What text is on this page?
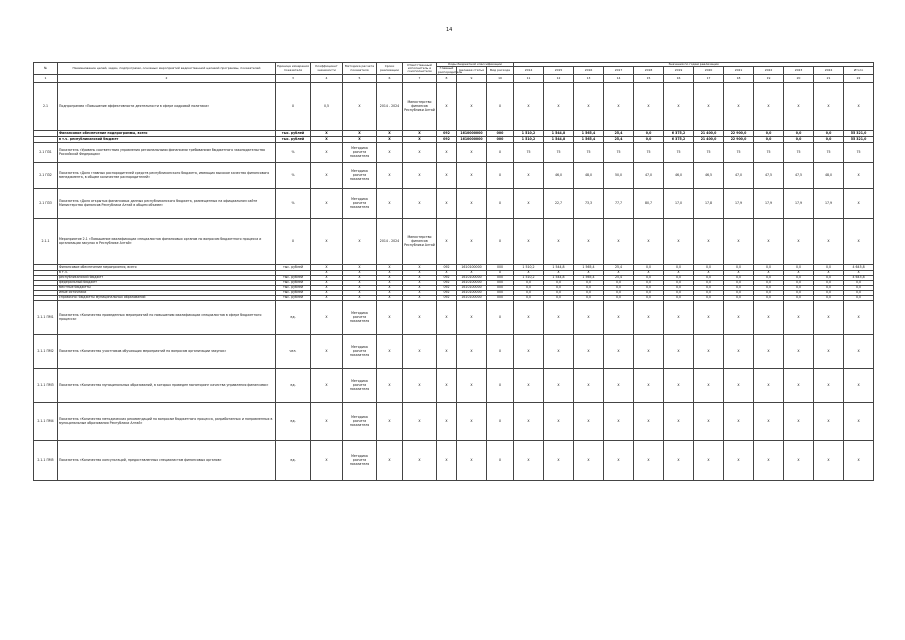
14
№	Наименование целей, задач, подпрограмм, основных мероприятий ведомственной целевой программы, показателей	Единица измерения показателя	Коэффициент значимости	Методика расчета показателя	Сроки реализации	Ответственный исполнитель и соисполнители	Коды бюджетной классификации			Значения по годам реализации											
							Главный распорядитель	Целевая статья	Вид расхода	2014	2015	2016	2017	2018	2019	2020	2021	2022	2023	2024	Итого
1	2	3	4	5	6	7	8	9	10	11	12	13	14	15	16	17	18	19	20	21	22
2.1	Подпрограмма «Повышение эффективности деятельности в сфере кадровой политики»	X	0,5	X	2014 - 2024	Министерство финансов Республики Алтай	X	X	X	X	X	X	X	X	X	X	X	X	X	X	X
	Финансовое обеспечение подпрограммы, всего	тыс. рублей	X	X	X	X	092	1610000000	000	1 510,2	1 544,8	1 565,4	25,4	0,0	6 375,2	21 400,0	22 900,0	0,0	0,0	0,0	55 321,0
	в т.ч. республиканский бюджет	тыс. рублей	X	X	X	X	092	1610000000	000	1 510,2	1 544,8	1 565,4	25,4	0,0	6 375,2	21 400,0	22 900,0	0,0	0,0	0,0	55 321,0
2.1 ПЗ1	Показатель «Уровень соответствия управления региональными финансами требованиям бюджетного законодательства Российской Федерации»	%	X	Методика расчета показателя	X	X	X	X	X	75	75	75	75	75	75	75	75	75	75	75	75
2.1 ПЗ2	Показатель «Доля главных распорядителей средств республиканского бюджета, имеющих высокое качество финансового менеджмента, в общем количестве распорядителей»	%	X	Методика расчета показателя	X	X	X	X	X	X	46,0	48,0	50,0	47,0	46,0	46,5	47,0	47,5	47,5	48,0	X
2.1 ПЗ3	Показатель «Доля открытых финансовых данных республиканского бюджета, размещенных на официальном сайте Министерства финансов Республики Алтай в общем объеме»	%	X	Методика расчета показателя	X	X	X	X	X	X	22,7	73,3	77,7	80,7	17,0	17,8	17,9	17,9	17,9	17,9	X
2.1.1	Мероприятие 2.1 «Повышение квалификации специалистов финансовых органов по вопросам бюджетного процесса и организации закупок в Республике Алтай»	X	X	X	2014 - 2024	Министерство финансов Республики Алтай	X	X	X	X	X	X	X	X	X	X	X	X	X	X	X
	Финансовое обеспечение мероприятия, всего	тыс. рублей	X	X	X	X	092	1610100000	000	1 510,2	1 544,8	1 565,4	25,4	0,0	0,0	0,0	0,0	0,0	0,0	0,0	4 645,8
	в т.ч.		X	X	X	X	X	X	X	X	X	X	X	X	X	X	X	X	X	X	X
	республиканский бюджет	тыс. рублей	X	X	X	X	092	1610100000	000	1 510,2	1 544,8	1 565,4	25,4	0,0	0,0	0,0	0,0	0,0	0,0	0,0	4 645,8
	федеральный бюджет	тыс. рублей	X	X	X	X	092	1610100000	000	0,0	0,0	0,0	0,0	0,0	0,0	0,0	0,0	0,0	0,0	0,0	0,0
	местные бюджеты	тыс. рублей	X	X	X	X	092	1610100000	000	0,0	0,0	0,0	0,0	0,0	0,0	0,0	0,0	0,0	0,0	0,0	0,0
	иные источники	тыс. рублей	X	X	X	X	092	1610100000	000	0,0	0,0	0,0	0,0	0,0	0,0	0,0	0,0	0,0	0,0	0,0	0,0
	справочно: бюджеты муниципальных образований	тыс. рублей	X	X	X	X	092	1610100000	000	0,0	0,0	0,0	0,0	0,0	0,0	0,0	0,0	0,0	0,0	0,0	0,0
2.1.1 ПМ1	Показатель «Количество проведенных мероприятий по повышению квалификации специалистов в сфере бюджетного процесса»	ед.	X	Методика расчета показателя	X	X	X	X	X	X	X	X	X	X	X	X	X	X	X	X	X
2.1.1 ПМ2	Показатель «Количество участников обучающих мероприятий по вопросам организации закупок»	чел.	X	Методика расчета показателя	X	X	X	X	X	X	X	X	X	X	X	X	X	X	X	X	X
2.1.1 ПМ3	Показатель «Количество муниципальных образований, в которых проведен мониторинг качества управления финансами»	ед.	X	Методика расчета показателя	X	X	X	X	X	X	X	X	X	X	X	X	X	X	X	X	X
2.1.1 ПМ4	Показатель «Количество методических рекомендаций по вопросам бюджетного процесса, разработанных и направленных в муниципальные образования Республики Алтай»	ед.	X	Методика расчета показателя	X	X	X	X	X	X	X	X	X	X	X	X	X	X	X	X	X
2.1.1 ПМ5	Показатель «Количество консультаций, предоставленных специалистам финансовых органов»	ед.	X	Методика расчета показателя	X	X	X	X	X	X	X	X	X	X	X	X	X	X	X	X	X
